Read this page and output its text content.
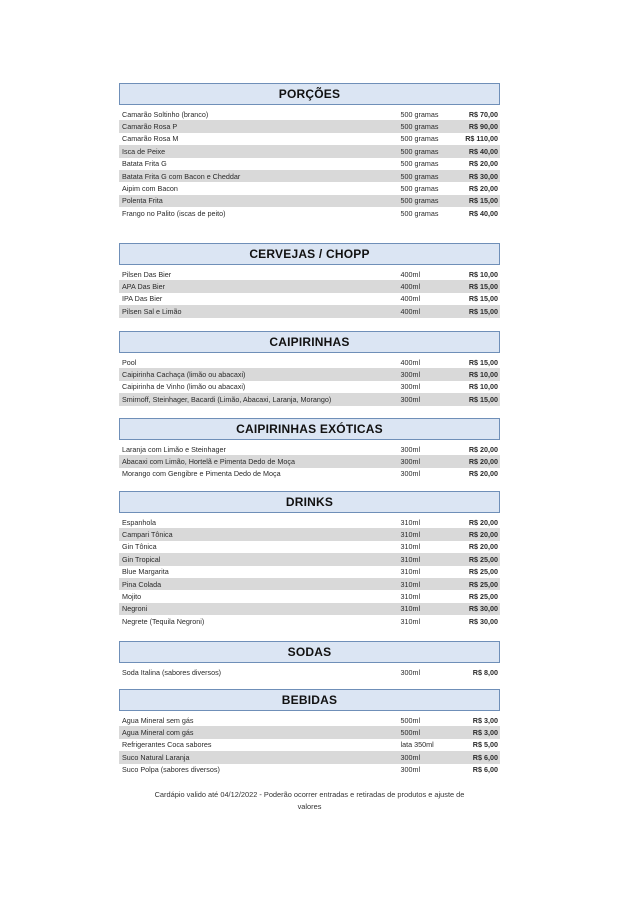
PORÇÕES
Camarão Soltinho (branco)	500 gramas	R$ 70,00
Camarão Rosa P	500 gramas	R$ 90,00
Camarão Rosa M	500 gramas	R$ 110,00
Isca de Peixe	500 gramas	R$ 40,00
Batata Frita G	500 gramas	R$ 20,00
Batata Frita G com Bacon e Cheddar	500 gramas	R$ 30,00
Aipim com Bacon	500 gramas	R$ 20,00
Polenta Frita	500 gramas	R$ 15,00
Frango no Palito (iscas de peito)	500 gramas	R$ 40,00
CERVEJAS / CHOPP
Pilsen Das Bier	400ml	R$ 10,00
APA Das Bier	400ml	R$ 15,00
IPA Das Bier	400ml	R$ 15,00
Pilsen Sal e Limão	400ml	R$ 15,00
CAIPIRINHAS
Pool	400ml	R$ 15,00
Caipirinha Cachaça (limão ou abacaxi)	300ml	R$ 10,00
Caipirinha de Vinho (limão ou abacaxi)	300ml	R$ 10,00
Smirnoff, Steinhager, Bacardi (Limão, Abacaxi, Laranja, Morango)	300ml	R$ 15,00
CAIPIRINHAS EXÓTICAS
Laranja com Limão e Steinhager	300ml	R$ 20,00
Abacaxi com Limão, Hortelã e Pimenta Dedo de Moça	300ml	R$ 20,00
Morango com Gengibre e Pimenta Dedo de Moça	300ml	R$ 20,00
DRINKS
Espanhola	310ml	R$ 20,00
Campari Tônica	310ml	R$ 20,00
Gin Tônica	310ml	R$ 20,00
Gin Tropical	310ml	R$ 25,00
Blue Margarita	310ml	R$ 25,00
Pina Colada	310ml	R$ 25,00
Mojito	310ml	R$ 25,00
Negroni	310ml	R$ 30,00
Negrete (Tequila Negroni)	310ml	R$ 30,00
SODAS
Soda Italina (sabores diversos)	300ml	R$ 8,00
BEBIDAS
Agua Mineral sem gás	500ml	R$ 3,00
Agua Mineral com gás	500ml	R$ 3,00
Refrigerantes Coca sabores	lata 350ml	R$ 5,00
Suco Natural Laranja	300ml	R$ 6,00
Suco Polpa (sabores diversos)	300ml	R$ 6,00
Cardápio valido até 04/12/2022 - Poderão ocorrer entradas e retiradas de produtos e ajuste de
valores
